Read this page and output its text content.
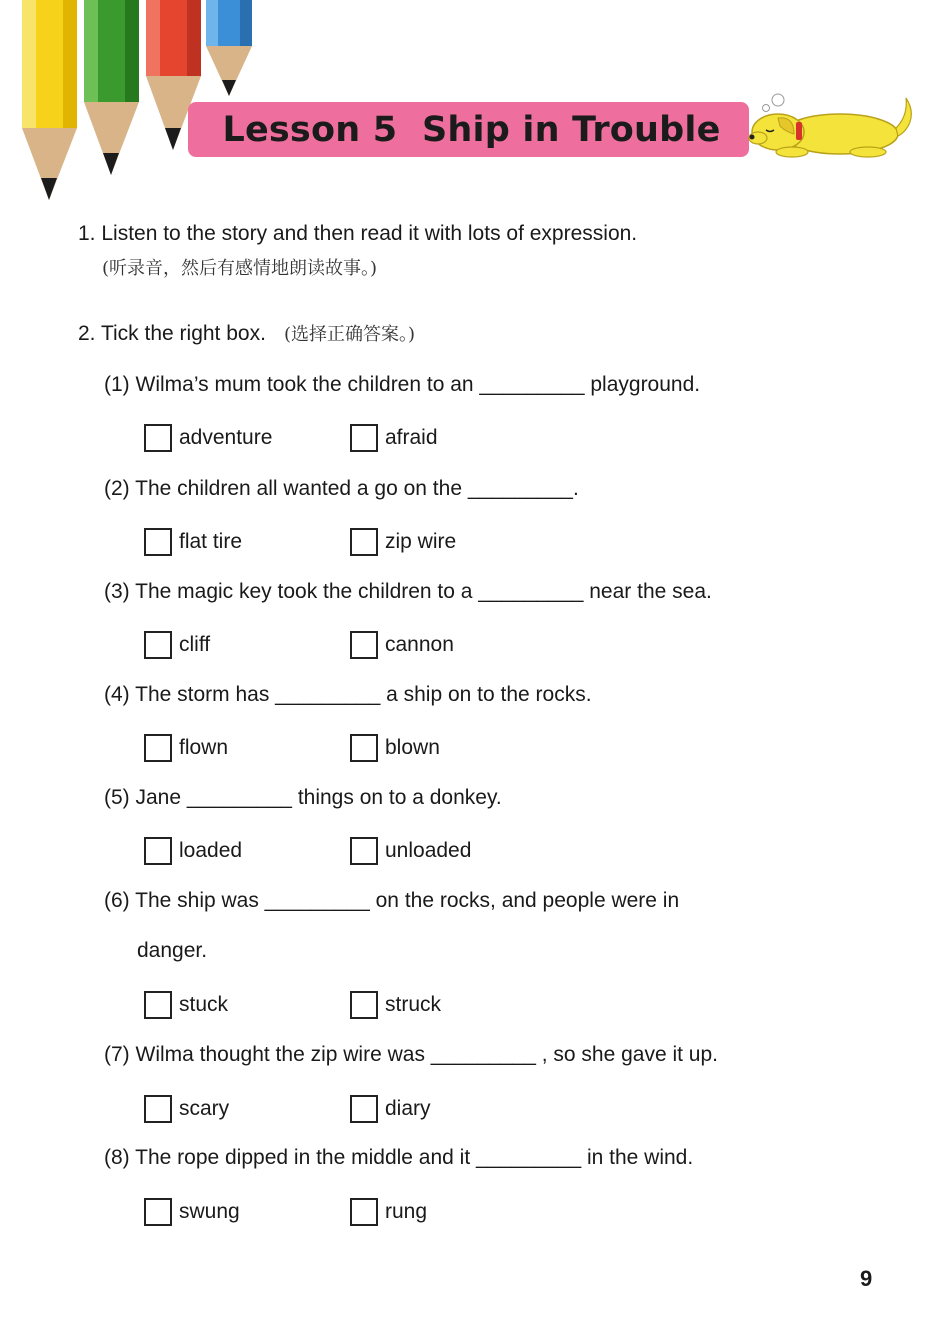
Lesson 5  Ship in Trouble
1. Listen to the story and then read it with lots of expression.
(听录音，然后有感情地朗读故事。)
2. Tick the right box. (选择正确答案。)
(1) Wilma’s mum took the children to an _________ playground.
adventure	afraid
(2) The children all wanted a go on the _________.
flat tire	zip wire
(3) The magic key took the children to a _________ near the sea.
cliff	cannon
(4) The storm has _________ a ship on to the rocks.
flown	blown
(5) Jane _________ things on to a donkey.
loaded	unloaded
(6) The ship was _________ on the rocks, and people were in
danger.
stuck	struck
(7) Wilma thought the zip wire was _________ , so she gave it up.
scary	diary
(8) The rope dipped in the middle and it _________ in the wind.
swung	rung
9
